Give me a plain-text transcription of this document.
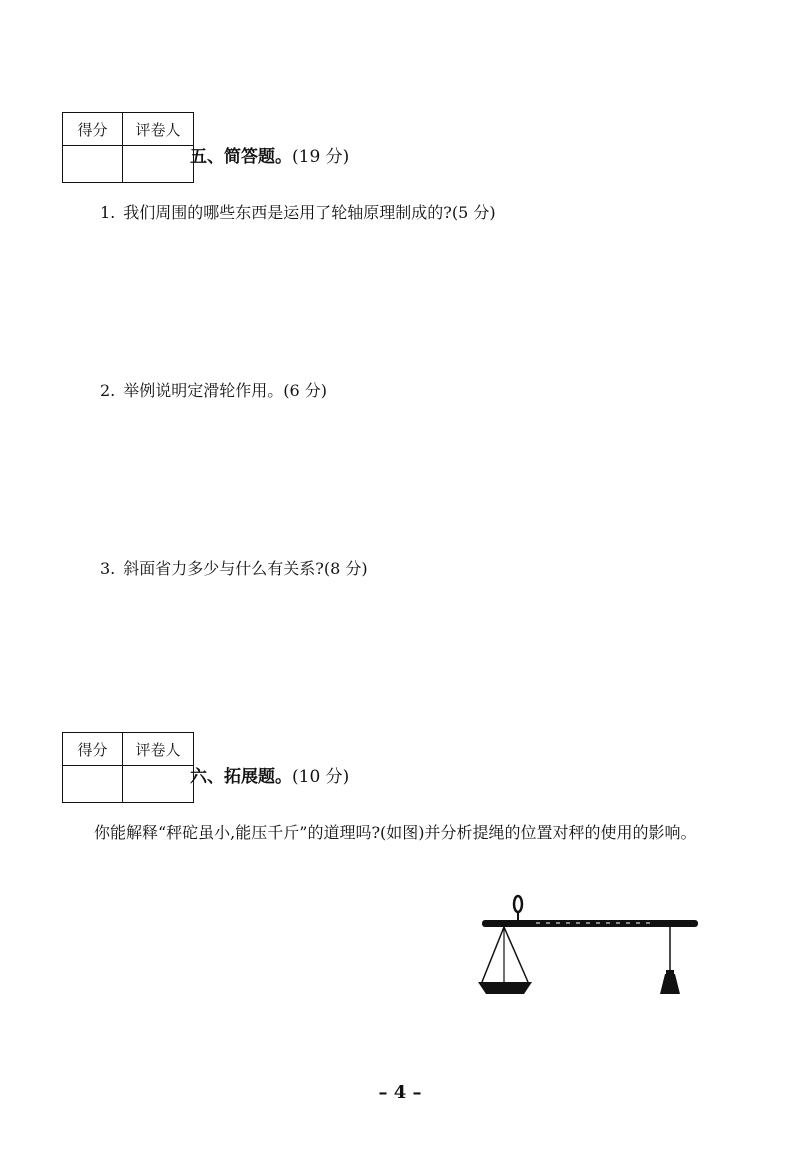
得分	评卷人

五、简答题。(19 分)
1. 我们周围的哪些东西是运用了轮轴原理制成的?(5 分)
2. 举例说明定滑轮作用。(6 分)
3. 斜面省力多少与什么有关系?(8 分)
得分	评卷人

六、拓展题。(10 分)
你能解释“秤砣虽小,能压千斤”的道理吗?(如图)并分析提绳的位置对秤的使用的影响。
– 4 –
